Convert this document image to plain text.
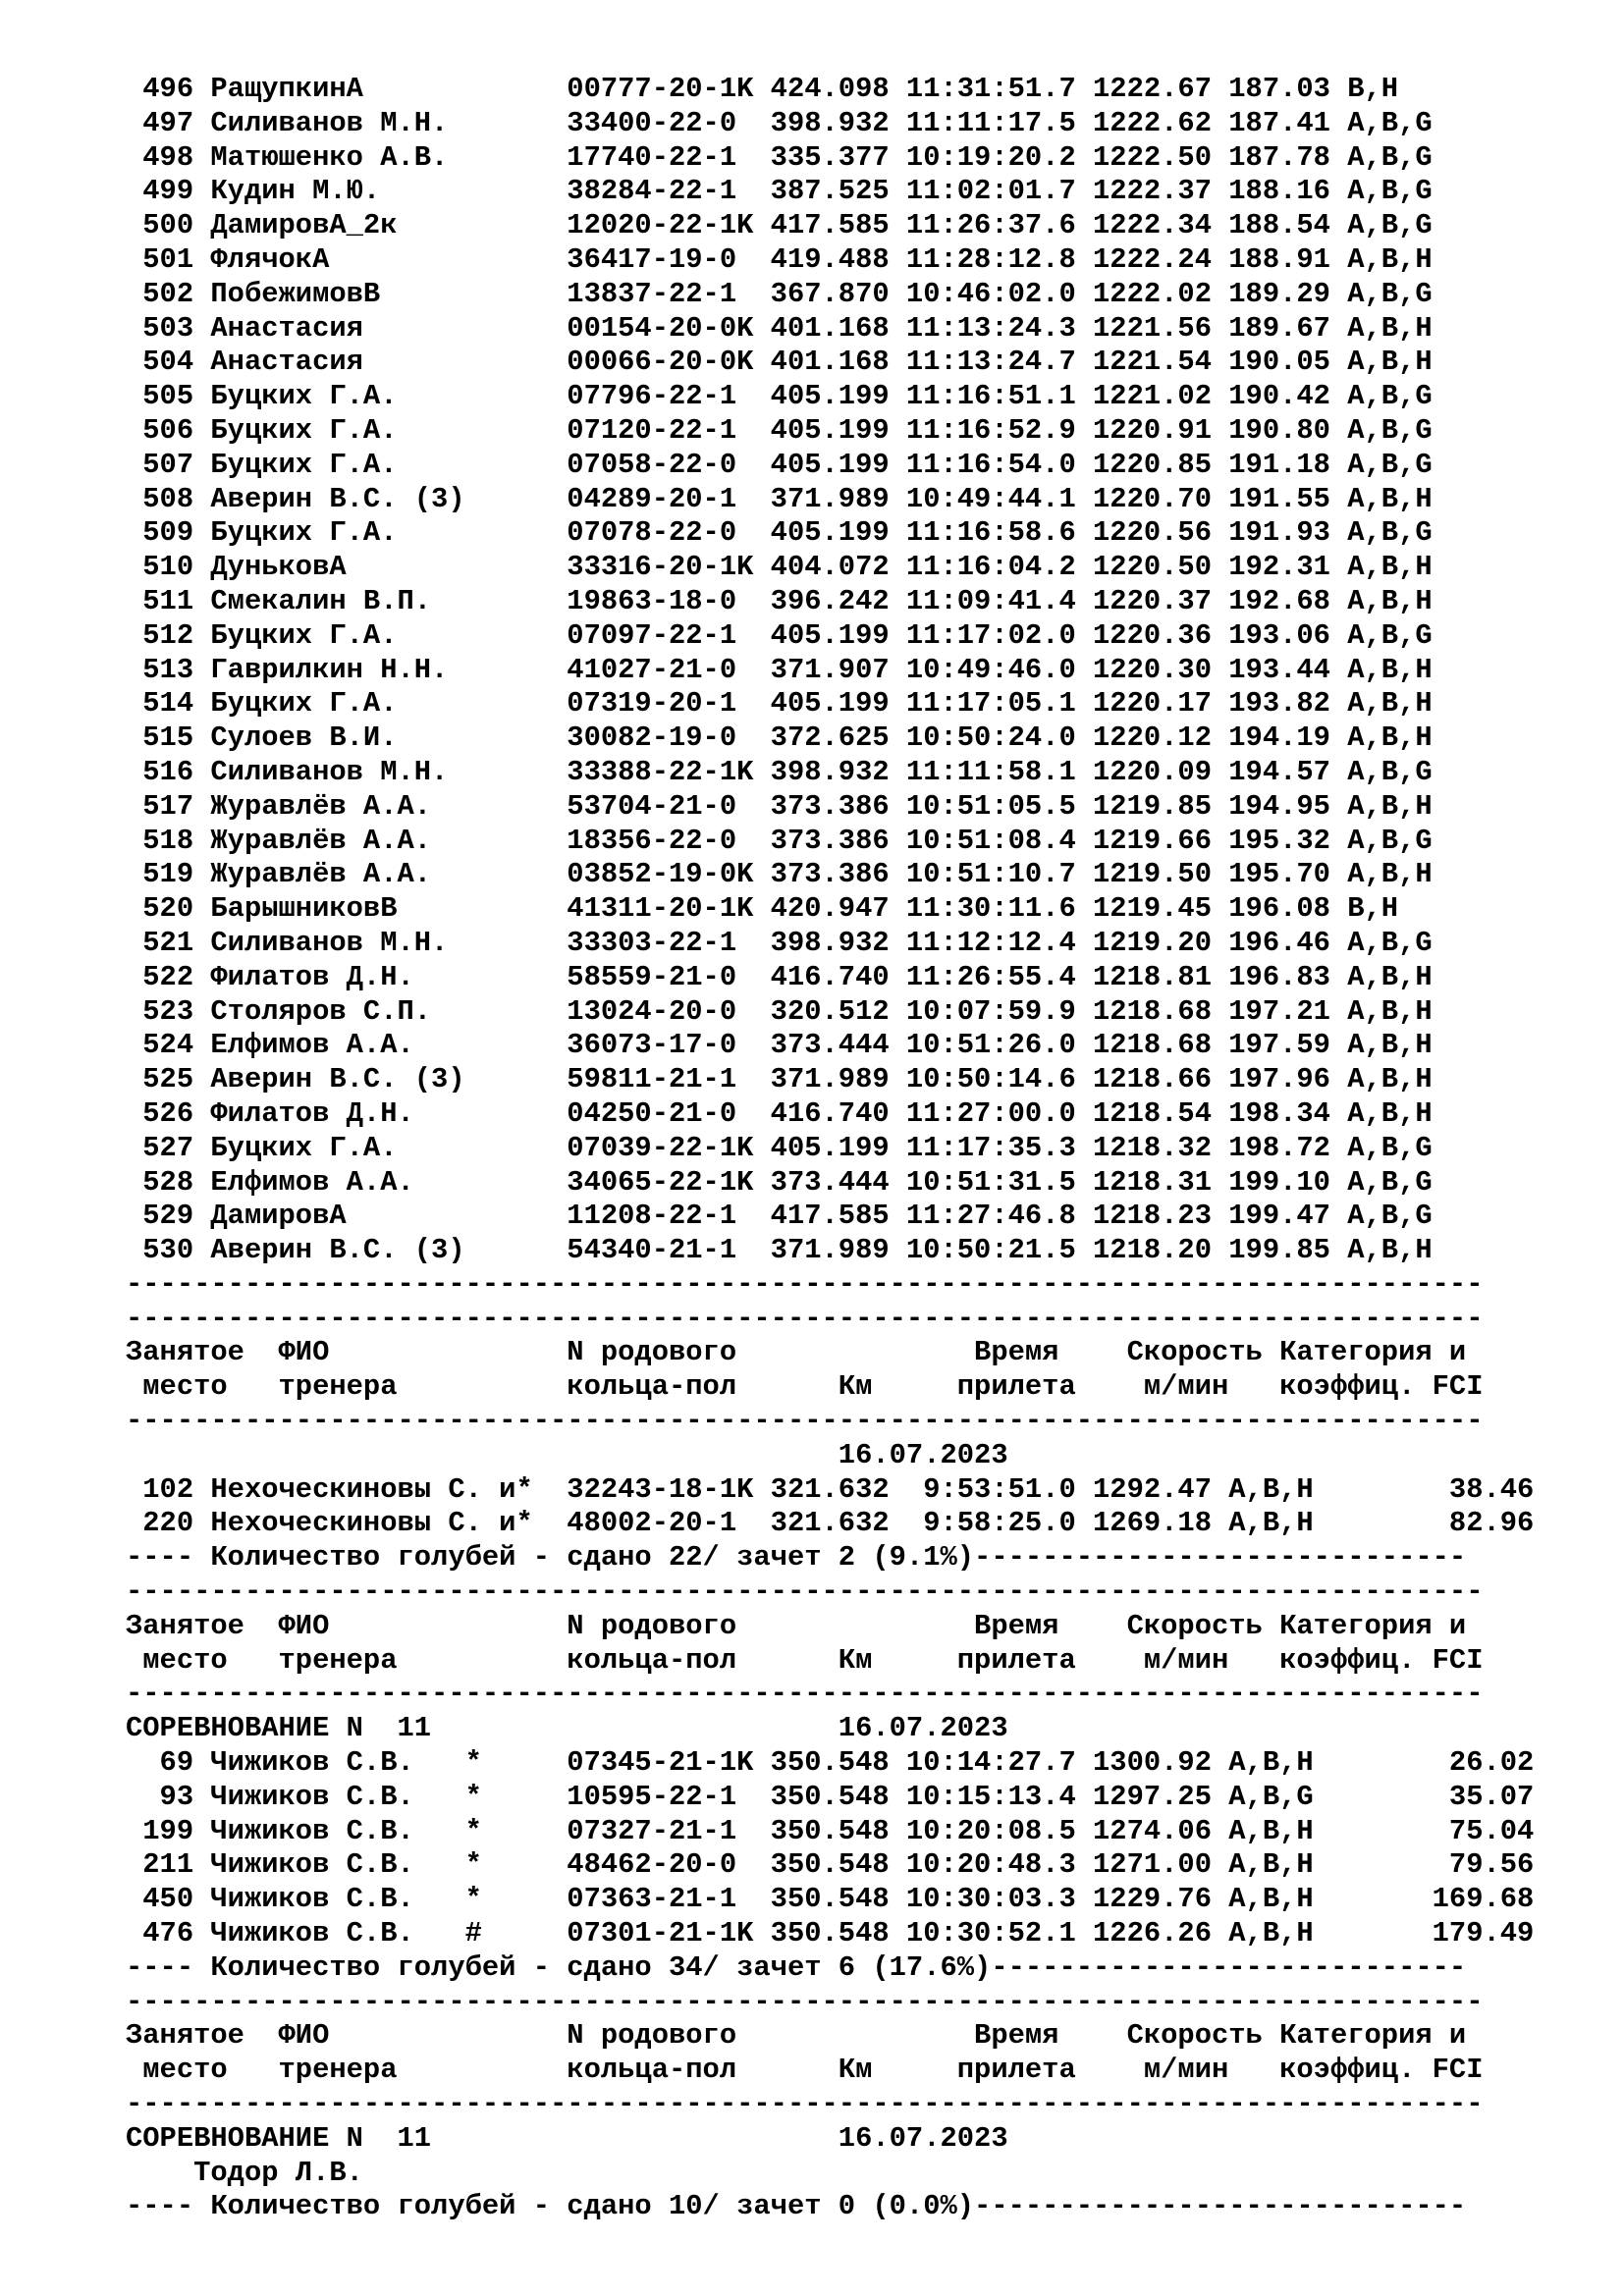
496 РащупкинА            00777-20-1K 424.098 11:31:51.7 1222.67 187.03 B,H
497 Силиванов М.Н.       33400-22-0  398.932 11:11:17.5 1222.62 187.41 A,B,G
498 Матюшенко А.В.       17740-22-1  335.377 10:19:20.2 1222.50 187.78 A,B,G
499 Кудин М.Ю.           38284-22-1  387.525 11:02:01.7 1222.37 188.16 A,B,G
500 ДамировА_2к          12020-22-1K 417.585 11:26:37.6 1222.34 188.54 A,B,G
501 ФлячокА              36417-19-0  419.488 11:28:12.8 1222.24 188.91 A,B,H
502 ПобежимовВ           13837-22-1  367.870 10:46:02.0 1222.02 189.29 A,B,G
503 Анастасия            00154-20-0K 401.168 11:13:24.3 1221.56 189.67 A,B,H
504 Анастасия            00066-20-0K 401.168 11:13:24.7 1221.54 190.05 A,B,H
505 Буцких Г.А.          07796-22-1  405.199 11:16:51.1 1221.02 190.42 A,B,G
506 Буцких Г.А.          07120-22-1  405.199 11:16:52.9 1220.91 190.80 A,B,G
507 Буцких Г.А.          07058-22-0  405.199 11:16:54.0 1220.85 191.18 A,B,G
508 Аверин В.С. (3)      04289-20-1  371.989 10:49:44.1 1220.70 191.55 A,B,H
509 Буцких Г.А.          07078-22-0  405.199 11:16:58.6 1220.56 191.93 A,B,G
510 ДуньковА             33316-20-1K 404.072 11:16:04.2 1220.50 192.31 A,B,H
511 Смекалин В.П.        19863-18-0  396.242 11:09:41.4 1220.37 192.68 A,B,H
512 Буцких Г.А.          07097-22-1  405.199 11:17:02.0 1220.36 193.06 A,B,G
513 Гаврилкин Н.Н.       41027-21-0  371.907 10:49:46.0 1220.30 193.44 A,B,H
514 Буцких Г.А.          07319-20-1  405.199 11:17:05.1 1220.17 193.82 A,B,H
515 Сулоев В.И.          30082-19-0  372.625 10:50:24.0 1220.12 194.19 A,B,H
516 Силиванов М.Н.       33388-22-1K 398.932 11:11:58.1 1220.09 194.57 A,B,G
517 Журавлёв А.А.        53704-21-0  373.386 10:51:05.5 1219.85 194.95 A,B,H
518 Журавлёв А.А.        18356-22-0  373.386 10:51:08.4 1219.66 195.32 A,B,G
519 Журавлёв А.А.        03852-19-0K 373.386 10:51:10.7 1219.50 195.70 A,B,H
520 БарышниковВ          41311-20-1K 420.947 11:30:11.6 1219.45 196.08 B,H
521 Силиванов М.Н.       33303-22-1  398.932 11:12:12.4 1219.20 196.46 A,B,G
522 Филатов Д.Н.         58559-21-0  416.740 11:26:55.4 1218.81 196.83 A,B,H
523 Столяров С.П.        13024-20-0  320.512 10:07:59.9 1218.68 197.21 A,B,H
524 Елфимов А.А.         36073-17-0  373.444 10:51:26.0 1218.68 197.59 A,B,H
525 Аверин В.С. (3)      59811-21-1  371.989 10:50:14.6 1218.66 197.96 A,B,H
526 Филатов Д.Н.         04250-21-0  416.740 11:27:00.0 1218.54 198.34 A,B,H
527 Буцких Г.А.          07039-22-1K 405.199 11:17:35.3 1218.32 198.72 A,B,G
528 Елфимов А.А.         34065-22-1K 373.444 10:51:31.5 1218.31 199.10 A,B,G
529 ДамировА             11208-22-1  417.585 11:27:46.8 1218.23 199.47 A,B,G
530 Аверин В.С. (3)      54340-21-1  371.989 10:50:21.5 1218.20 199.85 A,B,H
--------------------------------------------------------------------------------
--------------------------------------------------------------------------------
Занятое  ФИО              N родового              Время    Скорость Категория и
место   тренера          кольца-пол      Км     прилета    м/мин   коэффиц. FCI
--------------------------------------------------------------------------------
16.07.2023
102 Нехоческиновы С. и*  32243-18-1K 321.632  9:53:51.0 1292.47 A,B,H        38.46
220 Нехоческиновы С. и*  48002-20-1  321.632  9:58:25.0 1269.18 A,B,H        82.96
---- Количество голубей - сдано 22/ зачет 2 (9.1%)-----------------------------
--------------------------------------------------------------------------------
Занятое  ФИО              N родового              Время    Скорость Категория и
место   тренера          кольца-пол      Км     прилета    м/мин   коэффиц. FCI
--------------------------------------------------------------------------------
СОРЕВНОВАНИЕ N  11                        16.07.2023
69 Чижиков С.В.   *     07345-21-1K 350.548 10:14:27.7 1300.92 A,B,H        26.02
93 Чижиков С.В.   *     10595-22-1  350.548 10:15:13.4 1297.25 A,B,G        35.07
199 Чижиков С.В.   *     07327-21-1  350.548 10:20:08.5 1274.06 A,B,H        75.04
211 Чижиков С.В.   *     48462-20-0  350.548 10:20:48.3 1271.00 A,B,H        79.56
450 Чижиков С.В.   *     07363-21-1  350.548 10:30:03.3 1229.76 A,B,H       169.68
476 Чижиков С.В.   #     07301-21-1K 350.548 10:30:52.1 1226.26 A,B,H       179.49
---- Количество голубей - сдано 34/ зачет 6 (17.6%)----------------------------
--------------------------------------------------------------------------------
Занятое  ФИО              N родового              Время    Скорость Категория и
место   тренера          кольца-пол      Км     прилета    м/мин   коэффиц. FCI
--------------------------------------------------------------------------------
СОРЕВНОВАНИЕ N  11                        16.07.2023
Тодор Л.В.
---- Количество голубей - сдано 10/ зачет 0 (0.0%)-----------------------------
